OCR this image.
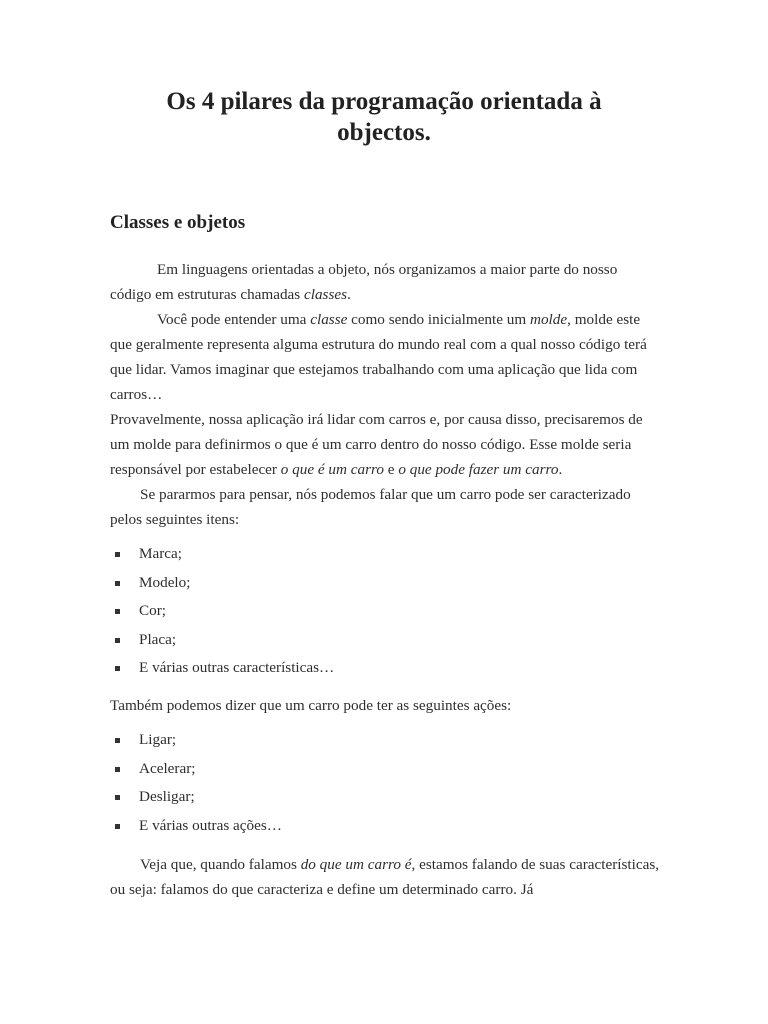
Os 4 pilares da programação orientada à
objectos.
Classes e objetos

Em linguagens orientadas a objeto, nós organizamos a maior parte do nosso código em estruturas chamadas classes.

Você pode entender uma classe como sendo inicialmente um molde, molde este que geralmente representa alguma estrutura do mundo real com a qual nosso código terá que lidar. Vamos imaginar que estejamos trabalhando com uma aplicação que lida com carros…

Provavelmente, nossa aplicação irá lidar com carros e, por causa disso, precisaremos de um molde para definirmos o que é um carro dentro do nosso código. Esse molde seria responsável por estabelecer o que é um carro e o que pode fazer um carro.

Se pararmos para pensar, nós podemos falar que um carro pode ser caracterizado pelos seguintes itens:

Marca;
Modelo;
Cor;
Placa;
E várias outras características…

Também podemos dizer que um carro pode ter as seguintes ações:

Ligar;
Acelerar;
Desligar;
E várias outras ações…

Veja que, quando falamos do que um carro é, estamos falando de suas características, ou seja: falamos do que caracteriza e define um determinado carro. Já
